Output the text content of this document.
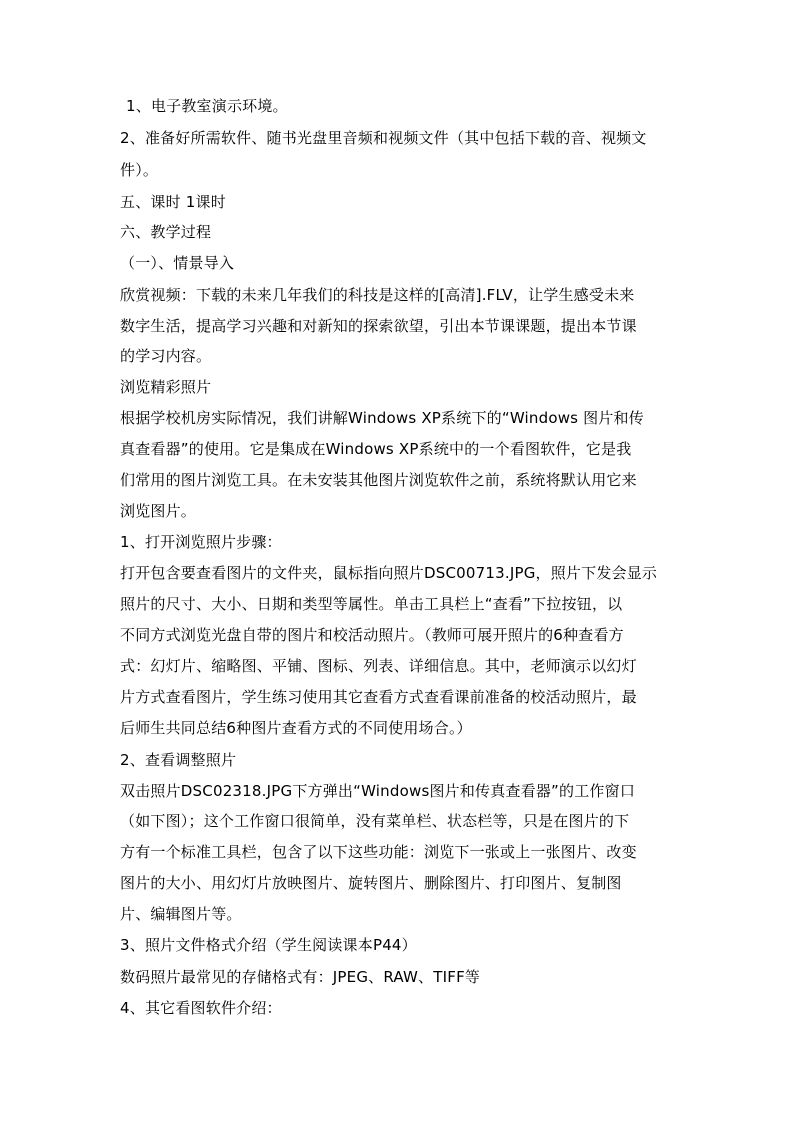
1、电子教室演示环境。
2、准备好所需软件、随书光盘里音频和视频文件（其中包括下载的音、视频文
件）。
五、课时 1课时
六、教学过程
（一）、情景导入
欣赏视频：下载的未来几年我们的科技是这样的[高清].FLV，让学生感受未来
数字生活，提高学习兴趣和对新知的探索欲望，引出本节课课题，提出本节课
的学习内容。
浏览精彩照片
根据学校机房实际情况，我们讲解Windows XP系统下的“Windows 图片和传
真查看器”的使用。它是集成在Windows XP系统中的一个看图软件，它是我
们常用的图片浏览工具。在未安装其他图片浏览软件之前，系统将默认用它来
浏览图片。
1、打开浏览照片步骤：
打开包含要查看图片的文件夹，鼠标指向照片DSC00713.JPG，照片下发会显示
照片的尺寸、大小、日期和类型等属性。单击工具栏上“查看”下拉按钮，以
不同方式浏览光盘自带的图片和校活动照片。（教师可展开照片的6种查看方
式：幻灯片、缩略图、平铺、图标、列表、详细信息。其中，老师演示以幻灯
片方式查看图片，学生练习使用其它查看方式查看课前准备的校活动照片，最
后师生共同总结6种图片查看方式的不同使用场合。）
2、查看调整照片
双击照片DSC02318.JPG下方弹出“Windows图片和传真查看器”的工作窗口
（如下图）；这个工作窗口很简单，没有菜单栏、状态栏等，只是在图片的下
方有一个标准工具栏，包含了以下这些功能：浏览下一张或上一张图片、改变
图片的大小、用幻灯片放映图片、旋转图片、删除图片、打印图片、复制图
片、编辑图片等。
3、照片文件格式介绍（学生阅读课本P44）
数码照片最常见的存储格式有：JPEG、RAW、TIFF等
4、其它看图软件介绍：
